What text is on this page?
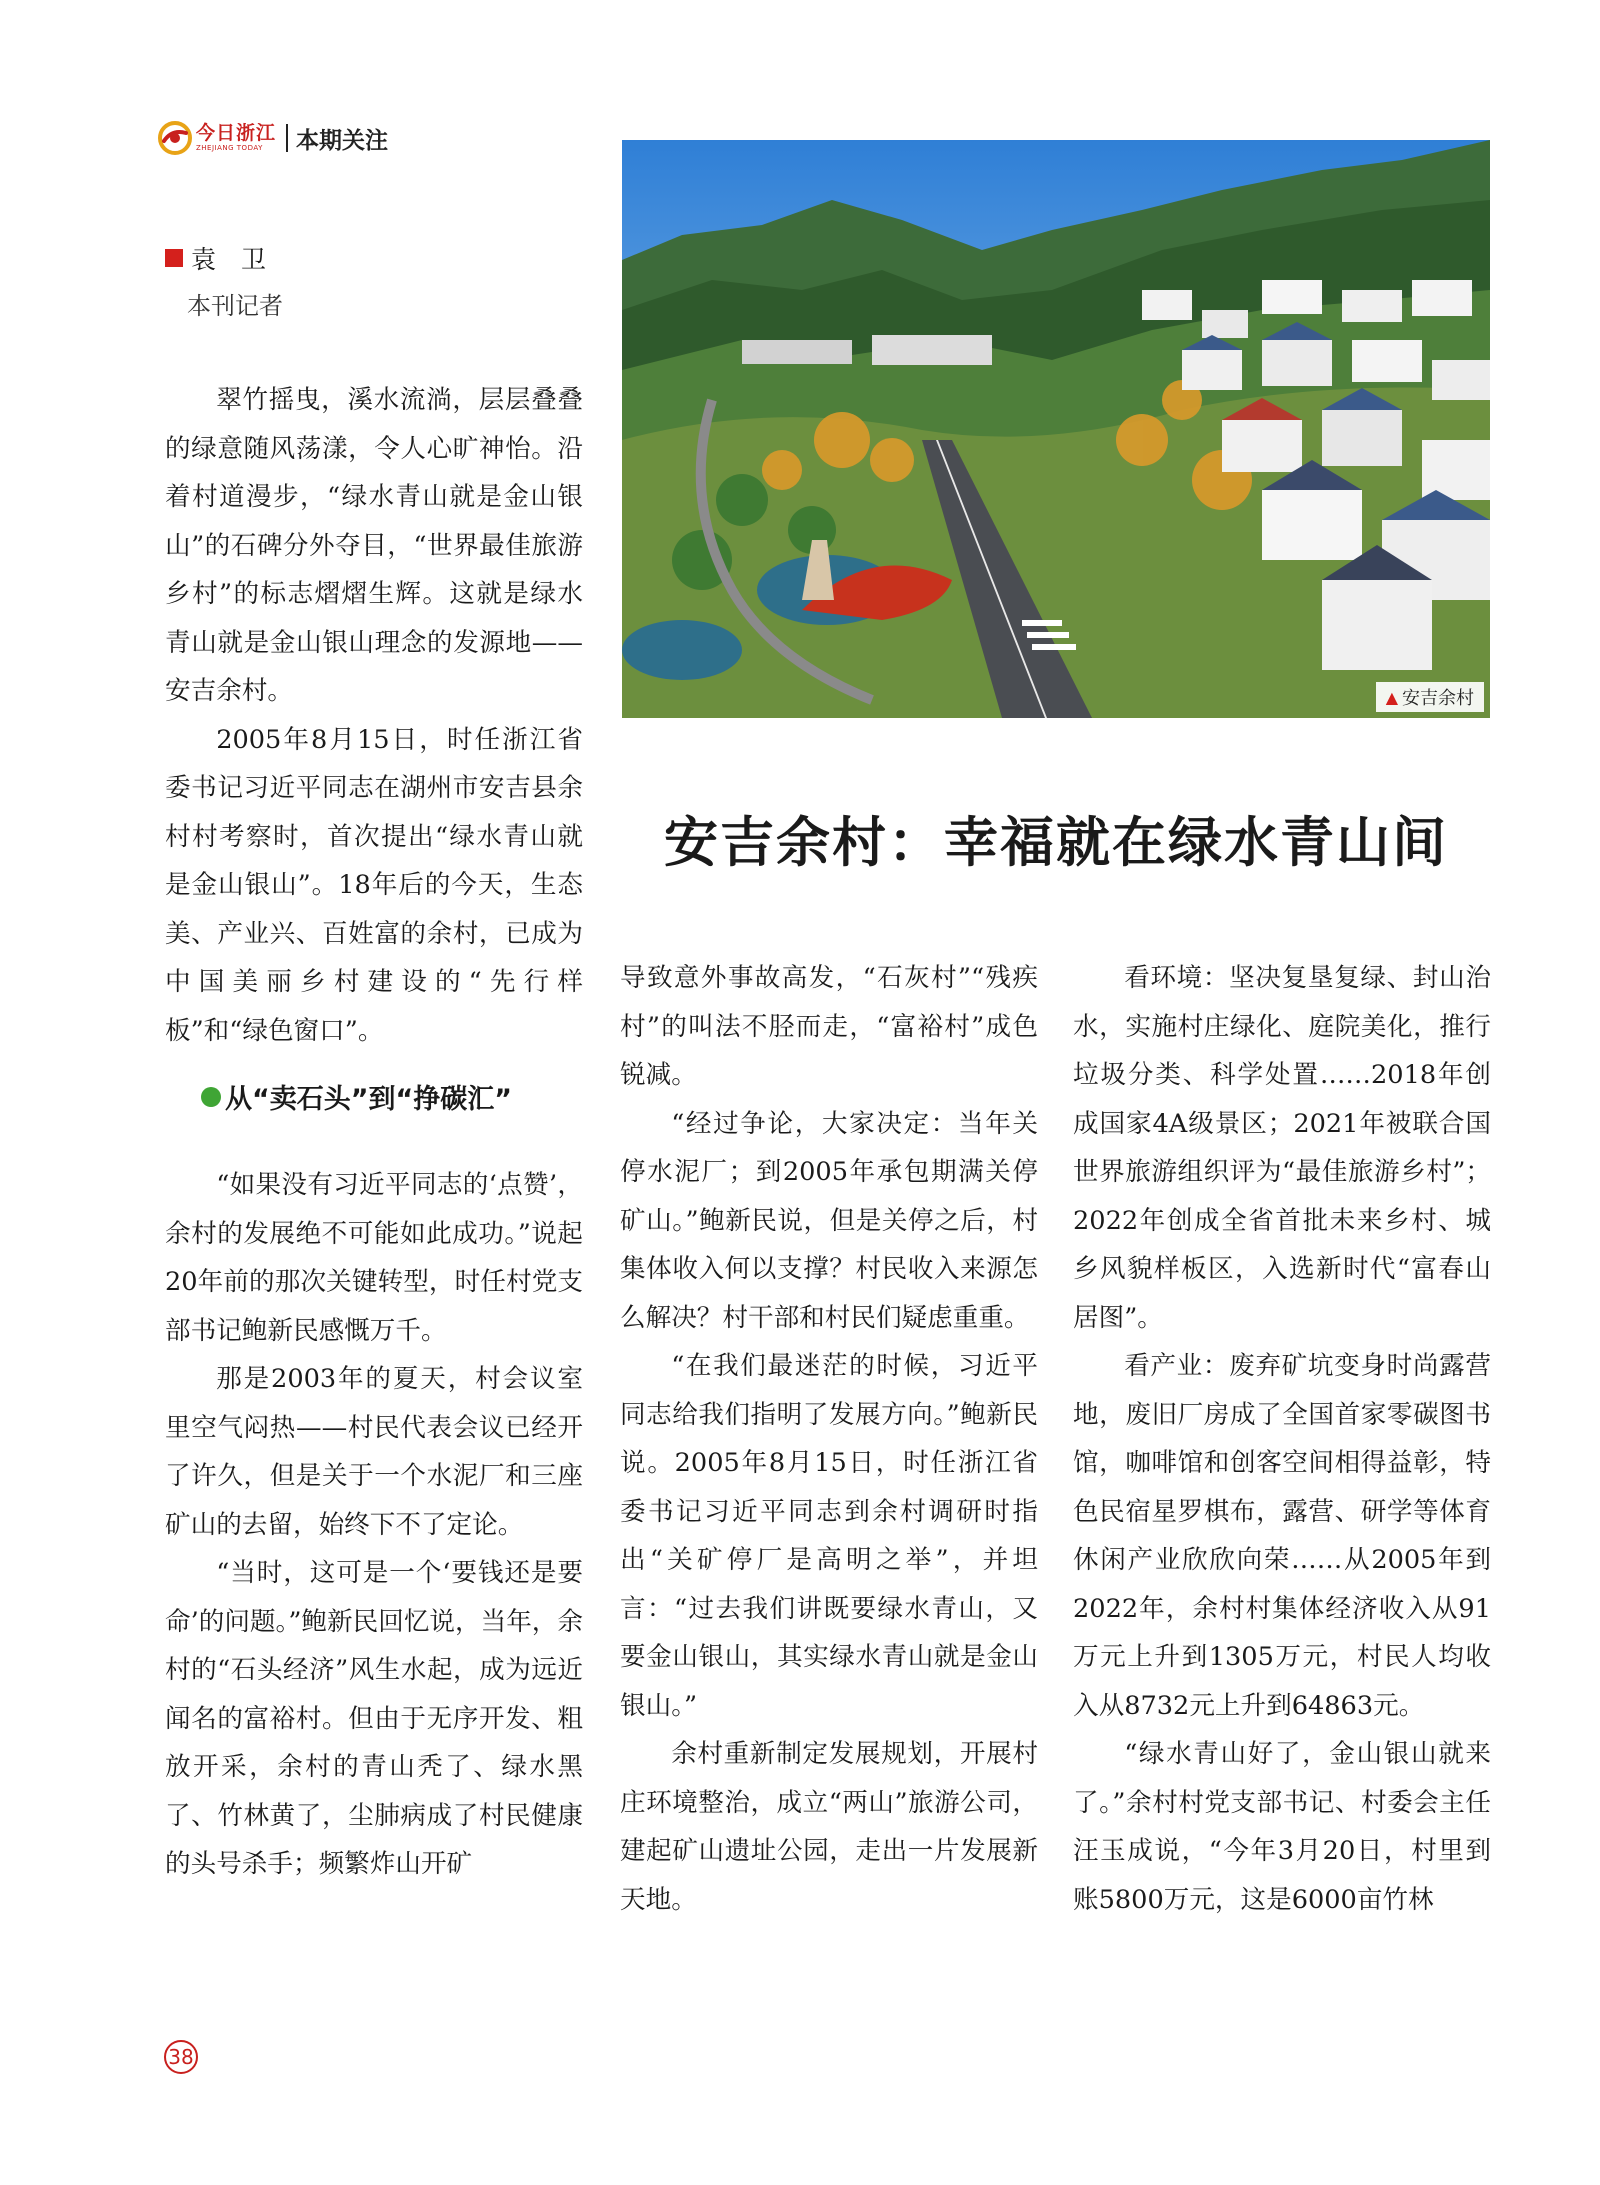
今日浙江
ZHEJIANG TODAY	本期关注
袁　卫
本刊记者
▲ 安吉余村
安吉余村：幸福就在绿水青山间

翠竹摇曳，溪水流淌，层层叠叠的绿意随风荡漾，令人心旷神怡。沿着村道漫步，“绿水青山就是金山银山”的石碑分外夺目，“世界最佳旅游乡村”的标志熠熠生辉。这就是绿水青山就是金山银山理念的发源地——安吉余村。

2005年8月15日，时任浙江省委书记习近平同志在湖州市安吉县余村村考察时，首次提出“绿水青山就是金山银山”。18年后的今天，生态美、产业兴、百姓富的余村，已成为中国美丽乡村建设的“先行样板”和“绿色窗口”。

从“卖石头”到“挣碳汇”

“如果没有习近平同志的‘点赞’，余村的发展绝不可能如此成功。”说起20年前的那次关键转型，时任村党支部书记鲍新民感慨万千。

那是2003年的夏天，村会议室里空气闷热——村民代表会议已经开了许久，但是关于一个水泥厂和三座矿山的去留，始终下不了定论。

“当时，这可是一个‘要钱还是要命’的问题。”鲍新民回忆说，当年，余村的“石头经济”风生水起，成为远近闻名的富裕村。但由于无序开发、粗放开采，余村的青山秃了、绿水黑了、竹林黄了，尘肺病成了村民健康的头号杀手；频繁炸山开矿

导致意外事故高发，“石灰村”“残疾村”的叫法不胫而走，“富裕村”成色锐减。

“经过争论，大家决定：当年关停水泥厂；到2005年承包期满关停矿山。”鲍新民说，但是关停之后，村集体收入何以支撑？村民收入来源怎么解决？村干部和村民们疑虑重重。

“在我们最迷茫的时候，习近平同志给我们指明了发展方向。”鲍新民说。2005年8月15日，时任浙江省委书记习近平同志到余村调研时指出“关矿停厂是高明之举”，并坦言：“过去我们讲既要绿水青山，又要金山银山，其实绿水青山就是金山银山。”

余村重新制定发展规划，开展村庄环境整治，成立“两山”旅游公司，建起矿山遗址公园，走出一片发展新天地。

看环境：坚决复垦复绿、封山治水，实施村庄绿化、庭院美化，推行垃圾分类、科学处置……2018年创成国家4A级景区；2021年被联合国世界旅游组织评为“最佳旅游乡村”；2022年创成全省首批未来乡村、城乡风貌样板区，入选新时代“富春山居图”。

看产业：废弃矿坑变身时尚露营地，废旧厂房成了全国首家零碳图书馆，咖啡馆和创客空间相得益彰，特色民宿星罗棋布，露营、研学等体育休闲产业欣欣向荣……从2005年到2022年，余村村集体经济收入从91万元上升到1305万元，村民人均收入从8732元上升到64863元。

“绿水青山好了，金山银山就来了。”余村村党支部书记、村委会主任汪玉成说，“今年3月20日，村里到账5800万元，这是6000亩竹林

38
